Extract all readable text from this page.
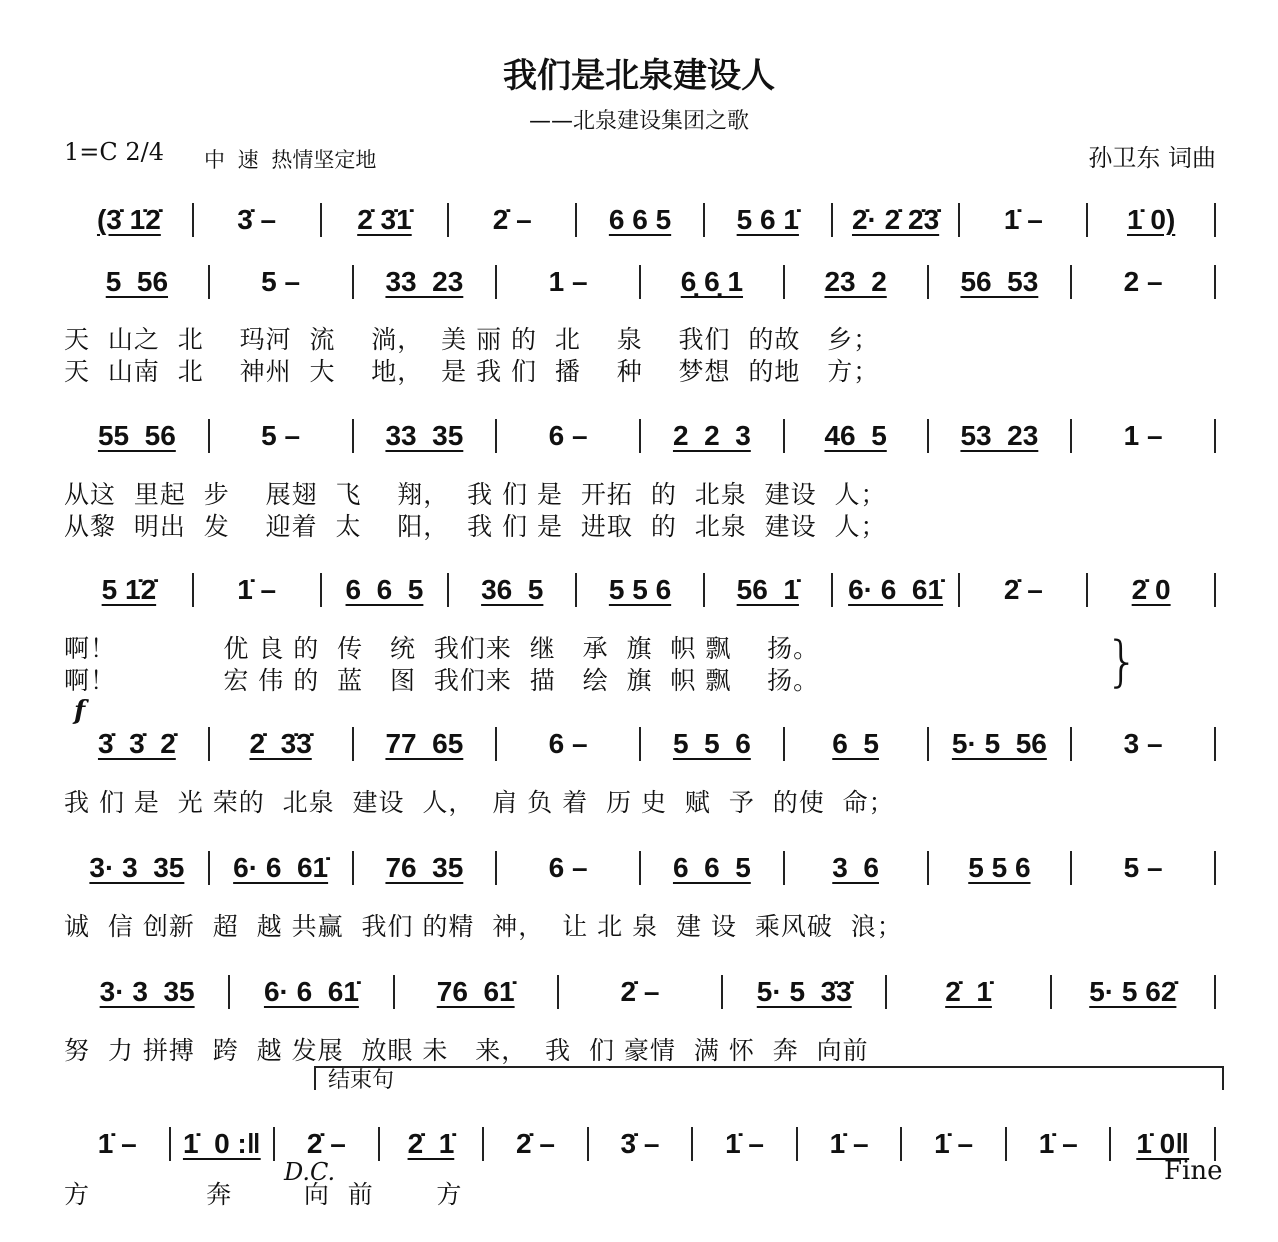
我们是北泉建设人
——北泉建设集团之歌
1=C 2/4 中 速 热情坚定地	孙卫东 词曲
(3̇ 1̇2̇	3̇ –	2̇ 3̇1̇	2̇ –	6 6 5	5 6 1̇	2̇· 2̇ 2̇3̇	1̇ –	1̇ 0)
5  56	5 –	33  23	1 –	6̣ 6̣ 1	23  2	56  53	2 –
天  山之  北    玛河  流    淌，  美 丽 的  北    泉    我们  的故   乡；
天  山南  北    神州  大    地，  是 我 们  播    种    梦想  的地   方；
55  56	5 –	33  35	6 –	2  2  3	46  5	53  23	1 –
从这  里起  步    展翅  飞    翔，  我 们 是  开拓  的  北泉  建设  人；
从黎  明出  发    迎着  太    阳，  我 们 是  进取  的  北泉  建设  人；
5 1̇2̇	1̇ –	6  6  5	36  5	5 5 6	56  1̇	6· 6  61̇	2̇ –	2̇ 0
啊！            优 良 的  传   统  我们来  继   承  旗  帜 飘    扬。
啊！            宏 伟 的  蓝   图  我们来  描   绘  旗  帜 飘    扬。
3̇  3̇  2̇	2̇  3̇3̇	77  65	6 –	5  5  6	6  5	5· 5  56	3 –
我 们 是  光 荣的  北泉  建设  人，  肩 负 着  历 史  赋  予  的使  命；
3· 3  35	6· 6  61̇	76  35	6 –	6  6  5	3  6	5 5 6	5 –
诚  信 创新  超  越 共赢  我们 的精  神，  让 北 泉  建 设  乘风破  浪；
3· 3  35	6· 6  61̇	76  61̇	2̇ –	5· 5  3̇3̇	2̇  1̇	5· 5 62̇
努  力 拼搏  跨  越 发展  放眼 未   来，  我  们 豪情  满 怀  奔  向前
1̇ –	1̇  0 :‖	2̇ –	2̇  1̇	2̇ –	3̇ –	1̇ –	1̇ –	1̇ –	1̇ –	1̇ 0‖
方             奔        向  前       方
f
}
结束句
D.C.	Fine
